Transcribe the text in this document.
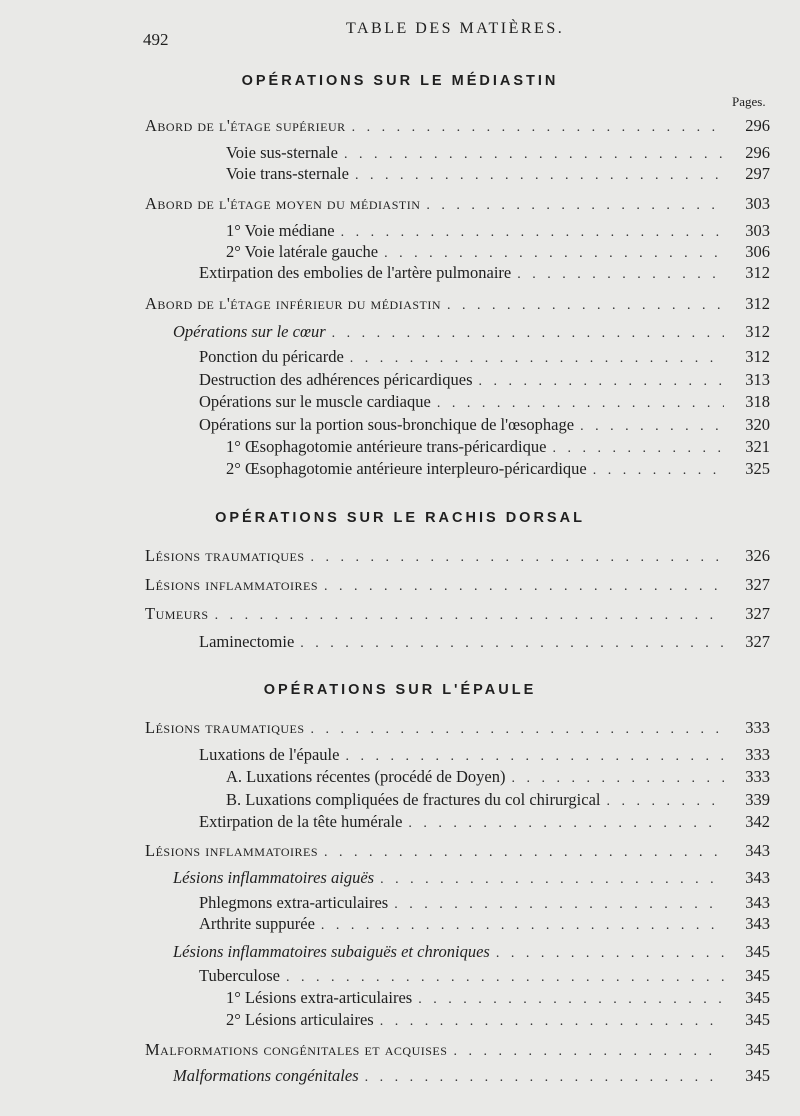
492
TABLE DES MATIÈRES.
OPÉRATIONS SUR LE MÉDIASTIN
Pages.
Abord de l'étage supérieur . . .	296
Voie sus-sternale . . .	296
Voie trans-sternale . . .	297
Abord de l'étage moyen du médiastin . . .	303
1° Voie médiane . . .	303
2° Voie latérale gauche . . .	306
Extirpation des embolies de l'artère pulmonaire . . .	312
Abord de l'étage inférieur du médiastin . . .	312
Opérations sur le cœur . . .	312
Ponction du péricarde . . .	312
Destruction des adhérences péricardiques . . .	313
Opérations sur le muscle cardiaque . . .	318
Opérations sur la portion sous-bronchique de l'œsophage . . .	320
1° Œsophagotomie antérieure trans-péricardique . . .	321
2° Œsophagotomie antérieure interpleuro-péricardique . . .	325
OPÉRATIONS SUR LE RACHIS DORSAL
Lésions traumatiques . . .	326
Lésions inflammatoires . . .	327
Tumeurs . . .	327
Laminectomie . . .	327
OPÉRATIONS SUR L'ÉPAULE
Lésions traumatiques . . .	333
Luxations de l'épaule . . .	333
A. Luxations récentes (procédé de Doyen) . . .	333
B. Luxations compliquées de fractures du col chirurgical . . .	339
Extirpation de la tête humérale . . .	342
Lésions inflammatoires . . .	343
Lésions inflammatoires aiguës . . .	343
Phlegmons extra-articulaires . . .	343
Arthrite suppurée . . .	343
Lésions inflammatoires subaiguës et chroniques . . .	345
Tuberculose . . .	345
1° Lésions extra-articulaires . . .	345
2° Lésions articulaires . . .	345
Malformations congénitales et acquises . . .	345
Malformations congénitales . . .	345
